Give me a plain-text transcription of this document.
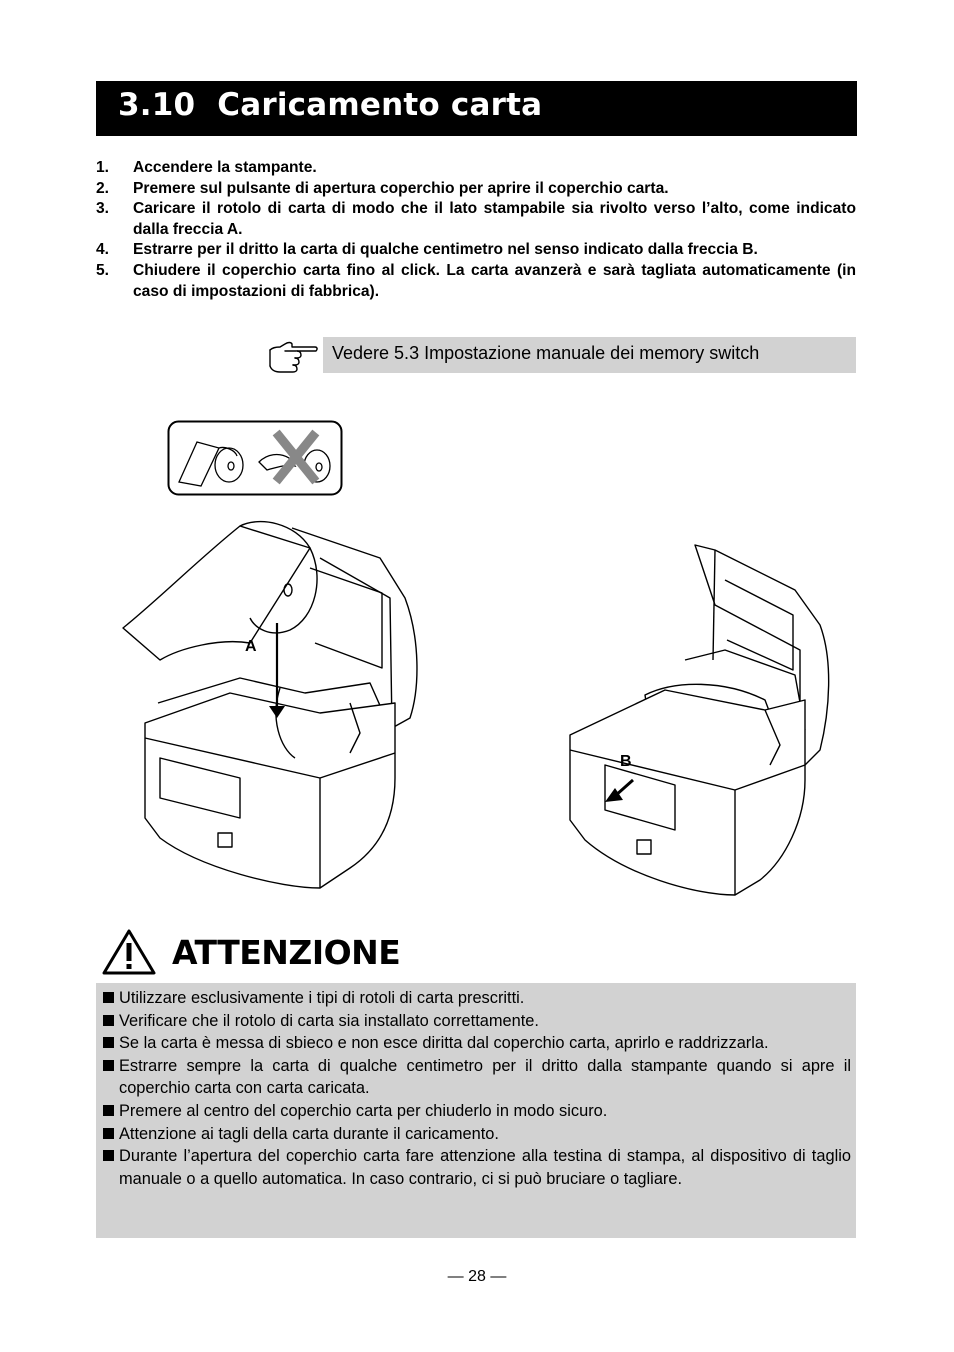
3.10 Caricamento carta
1. Accendere la stampante.
2. Premere sul pulsante di apertura coperchio per aprire il coperchio carta.
3. Caricare il rotolo di carta di modo che il lato stampabile sia rivolto verso l’alto, come indicato dalla freccia A.
4. Estrarre per il dritto la carta di qualche centimetro nel senso indicato dalla freccia B.
5. Chiudere il coperchio carta fino al click. La carta avanzerà e sarà tagliata automaticamente (in caso di impostazioni di fabbrica).
Vedere 5.3 Impostazione manuale dei memory switch
A
B
ATTENZIONE
Utilizzare esclusivamente i tipi di rotoli di carta prescritti.
Verificare che il rotolo di carta sia installato correttamente.
Se la carta è messa di sbieco e non esce diritta dal coperchio carta, aprirlo e raddrizzarla.
Estrarre sempre la carta di qualche centimetro per il dritto dalla stampante quando si apre il coperchio carta con carta caricata.
Premere al centro del coperchio carta per chiuderlo in modo sicuro.
Attenzione ai tagli della carta durante il caricamento.
Durante l’apertura del coperchio carta fare attenzione alla testina di stampa, al dispositivo di taglio manuale o a quello automatica. In caso contrario, ci si può bruciare o tagliare.
— 28 —
